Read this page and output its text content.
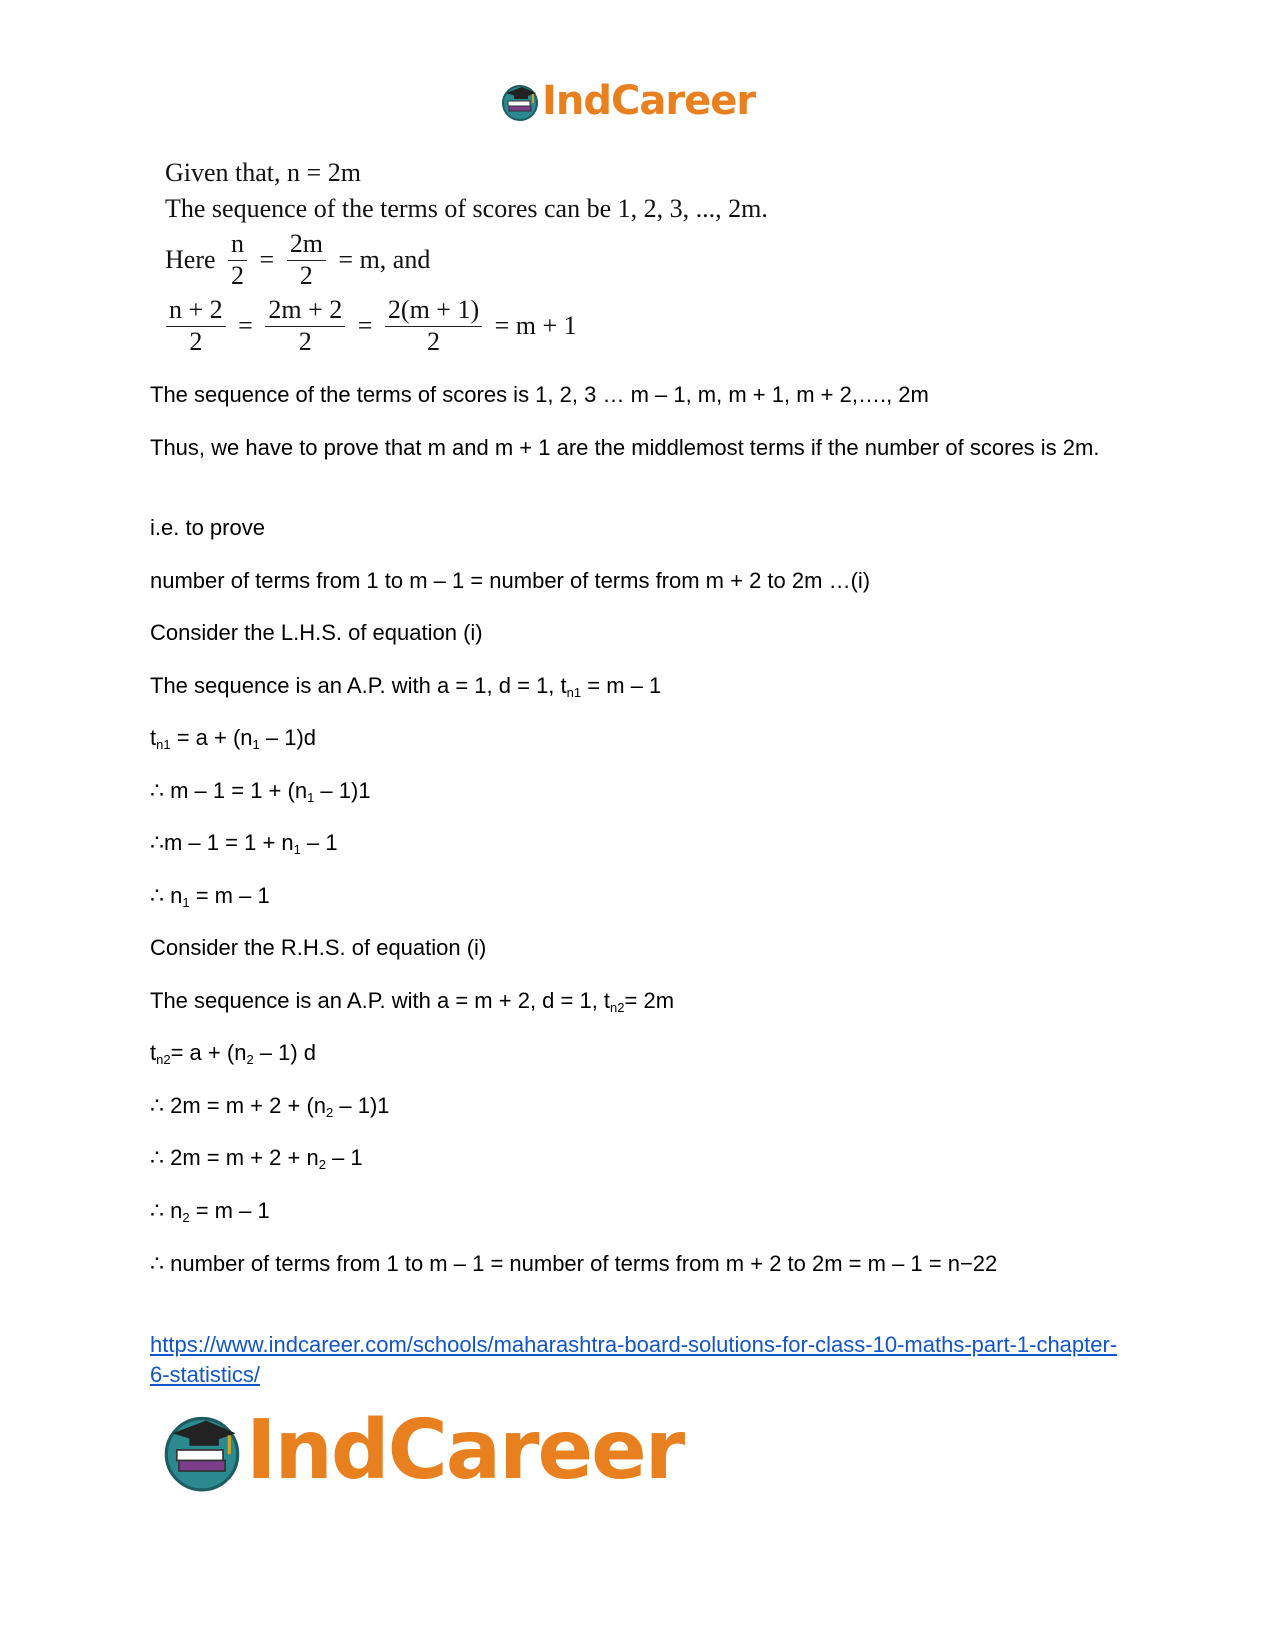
IndCareer
Given that, n = 2m
The sequence of the terms of scores can be 1, 2, 3, ..., 2m.
Here $\frac{n}{2} = \frac{2m}{2} = m$, and
$\frac{n + 2}{2} = \frac{2m + 2}{2} = \frac{2(m + 1)}{2} = m + 1$
The sequence of the terms of scores is 1, 2, 3 … m – 1, m, m + 1, m + 2,…., 2m
Thus, we have to prove that m and m + 1 are the middlemost terms if the number of scores is 2m.
i.e. to prove
number of terms from 1 to m – 1 = number of terms from m + 2 to 2m …(i)
Consider the L.H.S. of equation (i)
The sequence is an A.P. with a = 1, d = 1, $t_{n1} = m - 1$
$t_{n1} = a + (n_1 - 1)d$
∴ $m - 1 = 1 + (n_1 - 1)1$
∴m – $1 = 1 + n_1 - 1$
∴ $n_1 = m - 1$
Consider the R.H.S. of equation (i)
The sequence is an A.P. with a = m + 2, d = 1, $t_{n2}= 2m$
$t_{n2}= a + (n_2 - 1)$ d
∴ $2m = m + 2 + (n_2 - 1)1$
∴ $2m = m + 2 + n_2 - 1$
∴ $n_2 = m - 1$
∴ number of terms from 1 to m – 1 = number of terms from m + 2 to 2m = m – 1 = n−22
https://www.indcareer.com/schools/maharashtra-board-solutions-for-class-10-maths-part-1-chapter-6-statistics/
IndCareer
